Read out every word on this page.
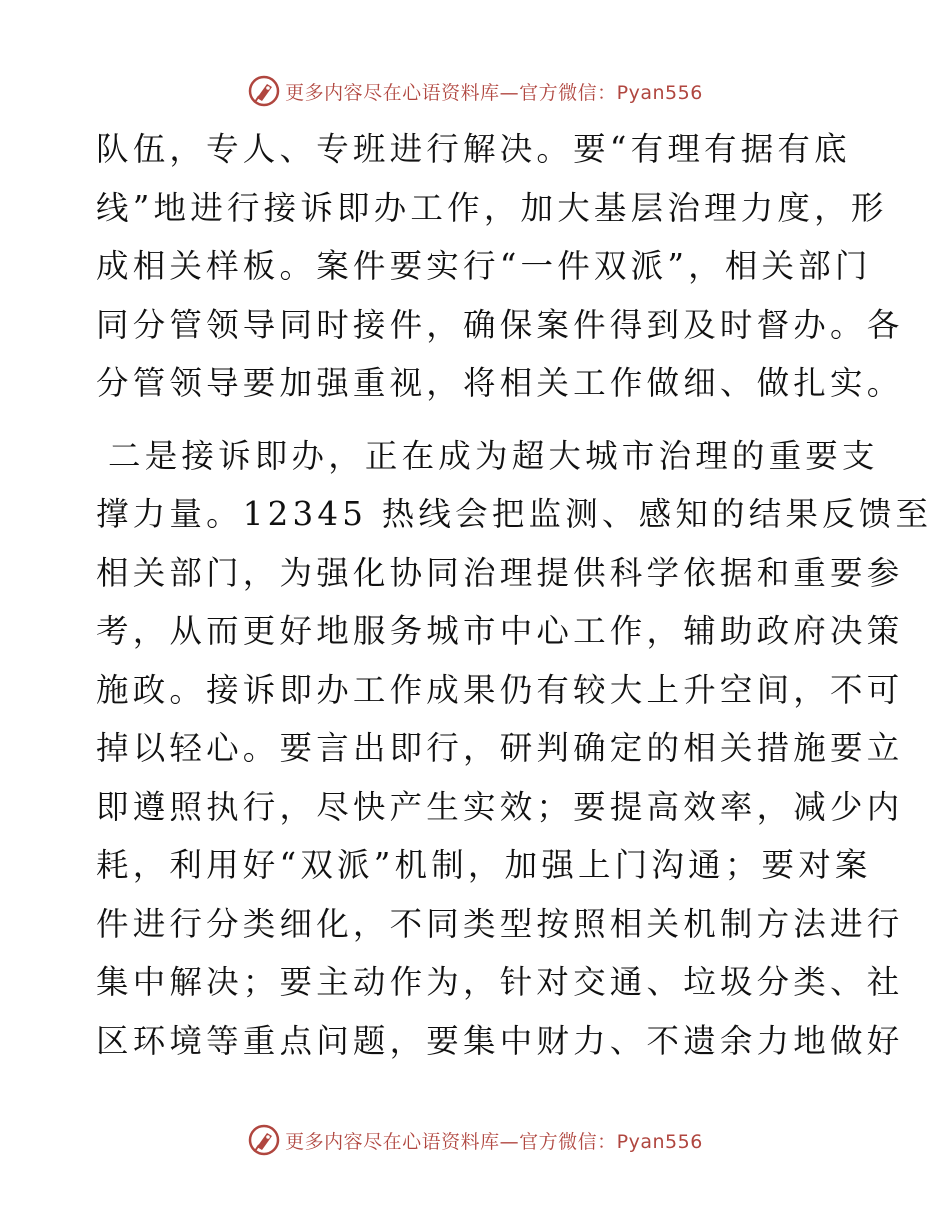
更多内容尽在心语资料库—官方微信：Pyan556
队伍，专人、专班进行解决。要“有理有据有底
线”地进行接诉即办工作，加大基层治理力度，形
成相关样板。案件要实行“一件双派”，相关部门
同分管领导同时接件，确保案件得到及时督办。各
分管领导要加强重视，将相关工作做细、做扎实。
二是接诉即办，正在成为超大城市治理的重要支
撑力量。12345 热线会把监测、感知的结果反馈至
相关部门，为强化协同治理提供科学依据和重要参
考，从而更好地服务城市中心工作，辅助政府决策
施政。接诉即办工作成果仍有较大上升空间，不可
掉以轻心。要言出即行，研判确定的相关措施要立
即遵照执行，尽快产生实效；要提高效率，减少内
耗，利用好“双派”机制，加强上门沟通；要对案
件进行分类细化，不同类型按照相关机制方法进行
集中解决；要主动作为，针对交通、垃圾分类、社
区环境等重点问题，要集中财力、不遗余力地做好
更多内容尽在心语资料库—官方微信：Pyan556
